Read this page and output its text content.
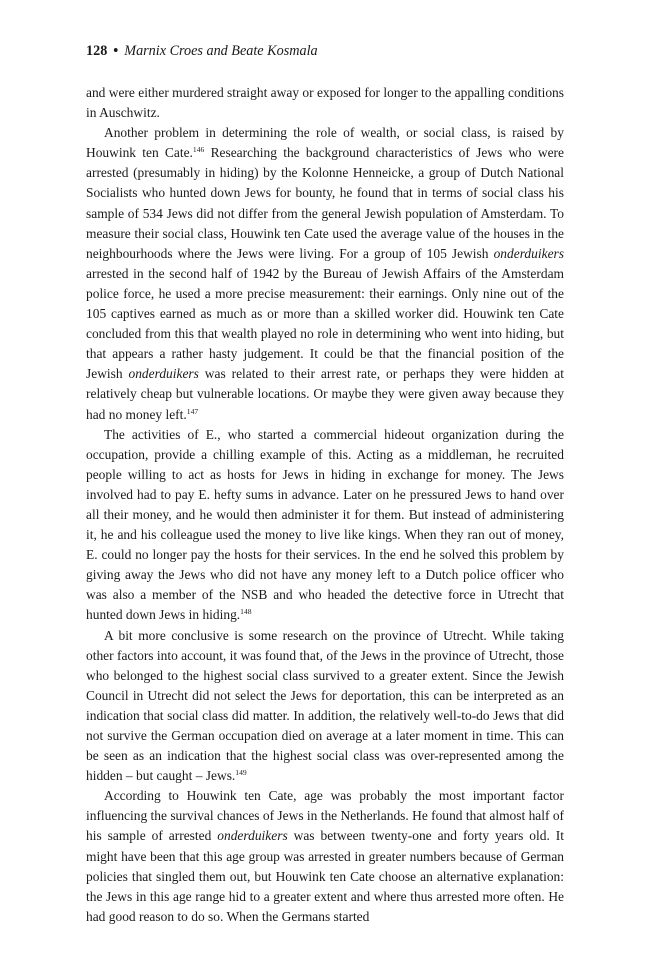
128 • Marnix Croes and Beate Kosmala

and were either murdered straight away or exposed for longer to the appalling conditions in Auschwitz.

Another problem in determining the role of wealth, or social class, is raised by Houwink ten Cate.$^{146}$ Researching the background characteristics of Jews who were arrested (presumably in hiding) by the Kolonne Henneicke, a group of Dutch National Socialists who hunted down Jews for bounty, he found that in terms of social class his sample of 534 Jews did not differ from the general Jewish population of Amsterdam. To measure their social class, Houwink ten Cate used the average value of the houses in the neighbourhoods where the Jews were living. For a group of 105 Jewish onderduikers arrested in the second half of 1942 by the Bureau of Jewish Affairs of the Amsterdam police force, he used a more precise measurement: their earnings. Only nine out of the 105 captives earned as much as or more than a skilled worker did. Houwink ten Cate concluded from this that wealth played no role in determining who went into hiding, but that appears a rather hasty judgement. It could be that the financial position of the Jewish onderduikers was related to their arrest rate, or perhaps they were hidden at relatively cheap but vulnerable locations. Or maybe they were given away because they had no money left.$^{147}$

The activities of E., who started a commercial hideout organization during the occupation, provide a chilling example of this. Acting as a middleman, he recruited people willing to act as hosts for Jews in hiding in exchange for money. The Jews involved had to pay E. hefty sums in advance. Later on he pressured Jews to hand over all their money, and he would then administer it for them. But instead of administering it, he and his colleague used the money to live like kings. When they ran out of money, E. could no longer pay the hosts for their services. In the end he solved this problem by giving away the Jews who did not have any money left to a Dutch police officer who was also a member of the NSB and who headed the detective force in Utrecht that hunted down Jews in hiding.$^{148}$

A bit more conclusive is some research on the province of Utrecht. While taking other factors into account, it was found that, of the Jews in the province of Utrecht, those who belonged to the highest social class survived to a greater extent. Since the Jewish Council in Utrecht did not select the Jews for deportation, this can be interpreted as an indication that social class did matter. In addition, the relatively well-to-do Jews that did not survive the German occupation died on average at a later moment in time. This can be seen as an indication that the highest social class was over-represented among the hidden – but caught – Jews.$^{149}$

According to Houwink ten Cate, age was probably the most important factor influencing the survival chances of Jews in the Netherlands. He found that almost half of his sample of arrested onderduikers was between twenty-one and forty years old. It might have been that this age group was arrested in greater numbers because of German policies that singled them out, but Houwink ten Cate choose an alternative explanation: the Jews in this age range hid to a greater extent and where thus arrested more often. He had good reason to do so. When the Germans started
